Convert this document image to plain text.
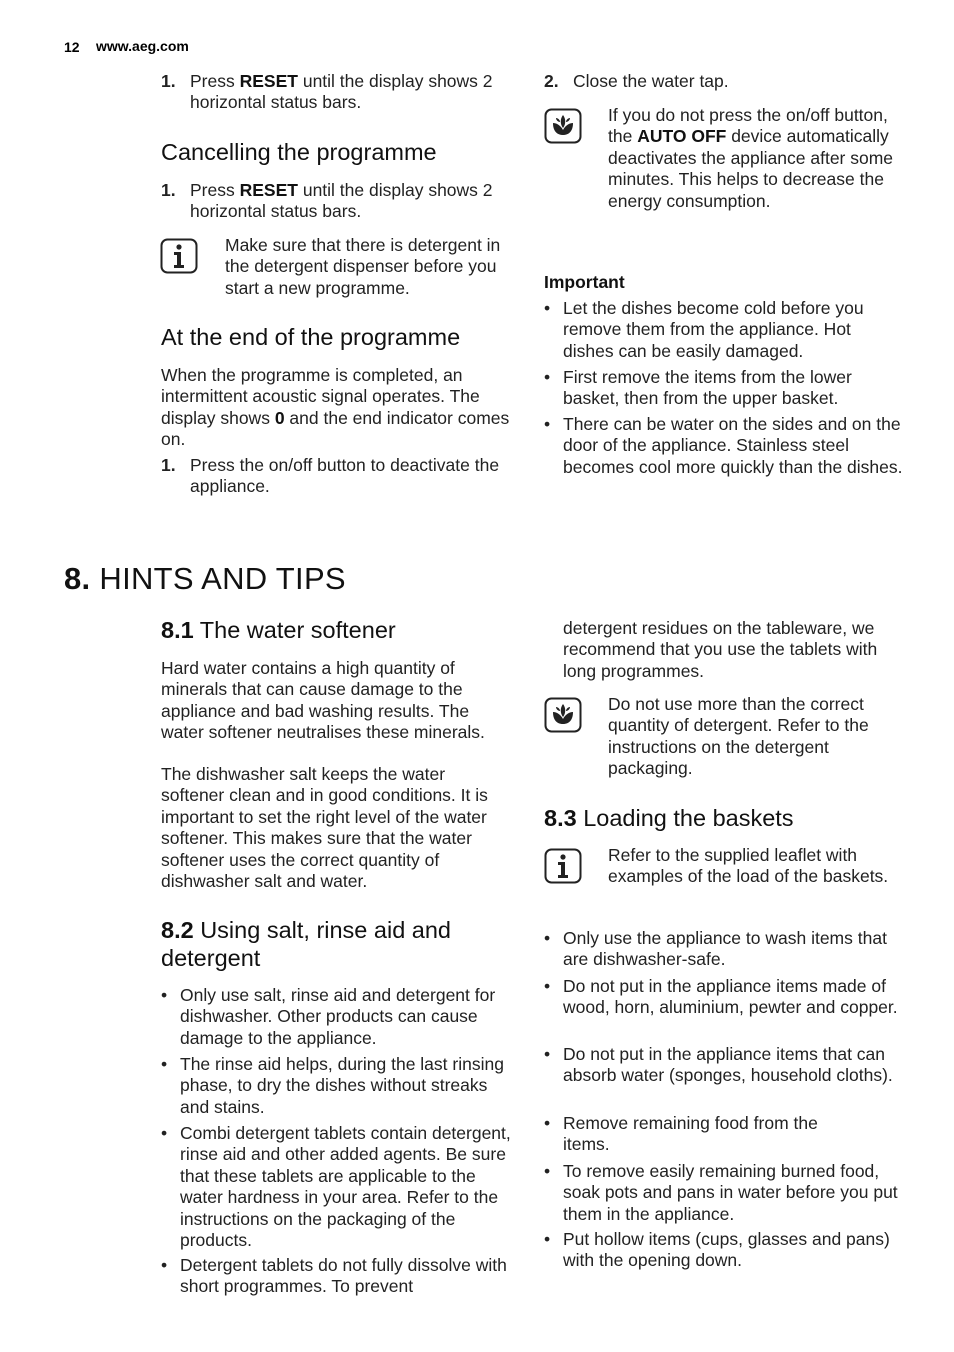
12 www.aeg.com
1. Press RESET until the display shows 2 horizontal status bars.
Cancelling the programme
1. Press RESET until the display shows 2 horizontal status bars.
Make sure that there is detergent in the detergent dispenser before you start a new programme.
At the end of the programme

When the programme is completed, an intermittent acoustic signal operates. The display shows 0 and the end indicator comes on.

1. Press the on/off button to deactivate the appliance.
2. Close the water tap.
If you do not press the on/off button, the AUTO OFF device automatically deactivates the appliance after some minutes. This helps to decrease the energy consumption.
Important
• Let the dishes become cold before you remove them from the appliance. Hot dishes can be easily damaged.
• First remove the items from the lower basket, then from the upper basket.
• There can be water on the sides and on the door of the appliance. Stainless steel becomes cool more quickly than the dishes.
8. HINTS AND TIPS
8.1 The water softener

Hard water contains a high quantity of minerals that can cause damage to the appliance and bad washing results. The water softener neutralises these minerals.

The dishwasher salt keeps the water softener clean and in good conditions. It is important to set the right level of the water softener. This makes sure that the water softener uses the correct quantity of dishwasher salt and water.

8.2 Using salt, rinse aid and detergent
• Only use salt, rinse aid and detergent for dishwasher. Other products can cause damage to the appliance.
• The rinse aid helps, during the last rinsing phase, to dry the dishes without streaks and stains.
• Combi detergent tablets contain detergent, rinse aid and other added agents. Be sure that these tablets are applicable to the water hardness in your area. Refer to the instructions on the packaging of the products.
• Detergent tablets do not fully dissolve with short programmes. To prevent

detergent residues on the tableware, we recommend that you use the tablets with long programmes.

Do not use more than the correct quantity of detergent. Refer to the instructions on the detergent packaging.
8.3 Loading the baskets
Refer to the supplied leaflet with examples of the load of the baskets.
• Only use the appliance to wash items that are dishwasher-safe.
• Do not put in the appliance items made of wood, horn, aluminium, pewter and copper.
• Do not put in the appliance items that can absorb water (sponges, household cloths).
• Remove remaining food from the items.
• To remove easily remaining burned food, soak pots and pans in water before you put them in the appliance.
• Put hollow items (cups, glasses and pans) with the opening down.
